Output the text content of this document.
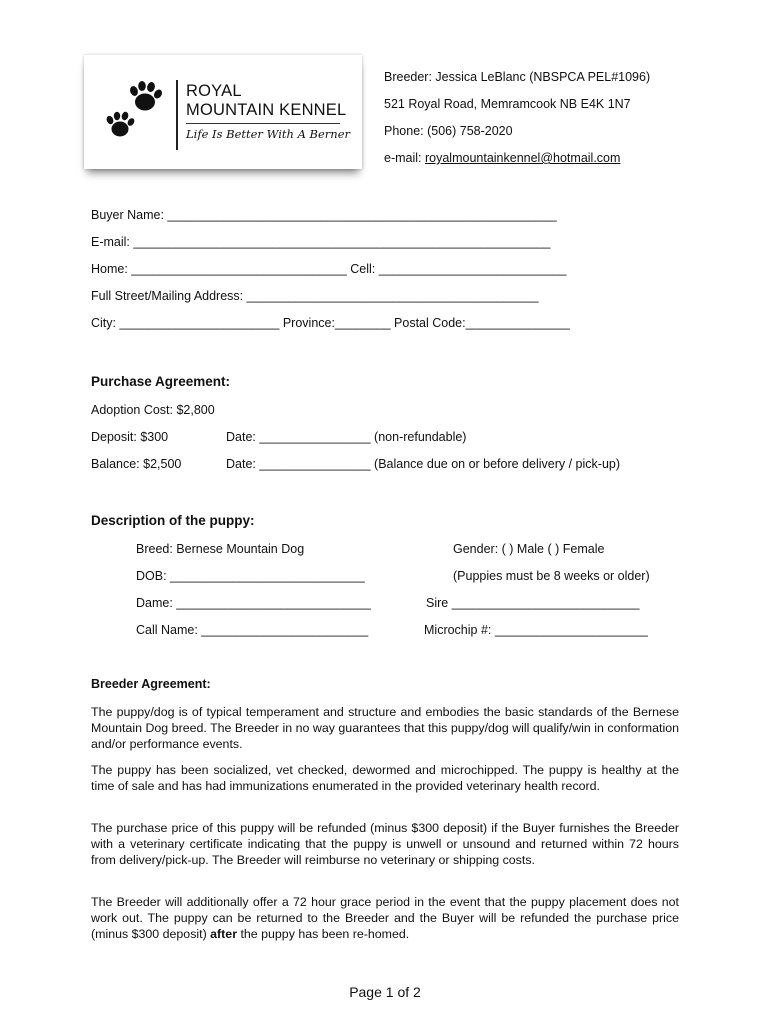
ROYAL
MOUNTAIN KENNEL
Life Is Better With A Berner
Breeder: Jessica LeBlanc (NBSPCA PEL#1096)
521 Royal Road, Memramcook NB E4K 1N7
Phone: (506) 758-2020
e-mail: royalmountainkennel@hotmail.com
Buyer Name: ________________________________________________________
E-mail: ____________________________________________________________
Home: _______________________________ Cell: ___________________________
Full Street/Mailing Address: __________________________________________
City: _______________________ Province:________ Postal Code:_______________
Purchase Agreement:
Adoption Cost: $2,800
Deposit: $300	Date: ________________ (non-refundable)
Balance: $2,500	Date: ________________ (Balance due on or before delivery / pick-up)
Description of the puppy:
Breed: Bernese Mountain Dog	Gender: ( ) Male ( ) Female
DOB: ____________________________	(Puppies must be 8 weeks or older)
Dame: ____________________________	Sire ___________________________
Call Name: ________________________	Microchip #: ______________________
Breeder Agreement:
The puppy/dog is of typical temperament and structure and embodies the basic standards of the Bernese Mountain Dog breed. The Breeder in no way guarantees that this puppy/dog will qualify/win in conformation and/or performance events.
The puppy has been socialized, vet checked, dewormed and microchipped. The puppy is healthy at the time of sale and has had immunizations enumerated in the provided veterinary health record.
The purchase price of this puppy will be refunded (minus $300 deposit) if the Buyer furnishes the Breeder with a veterinary certificate indicating that the puppy is unwell or unsound and returned within 72 hours from delivery/pick-up. The Breeder will reimburse no veterinary or shipping costs.
The Breeder will additionally offer a 72 hour grace period in the event that the puppy placement does not work out. The puppy can be returned to the Breeder and the Buyer will be refunded the purchase price (minus $300 deposit) after the puppy has been re-homed.
Page 1 of 2
